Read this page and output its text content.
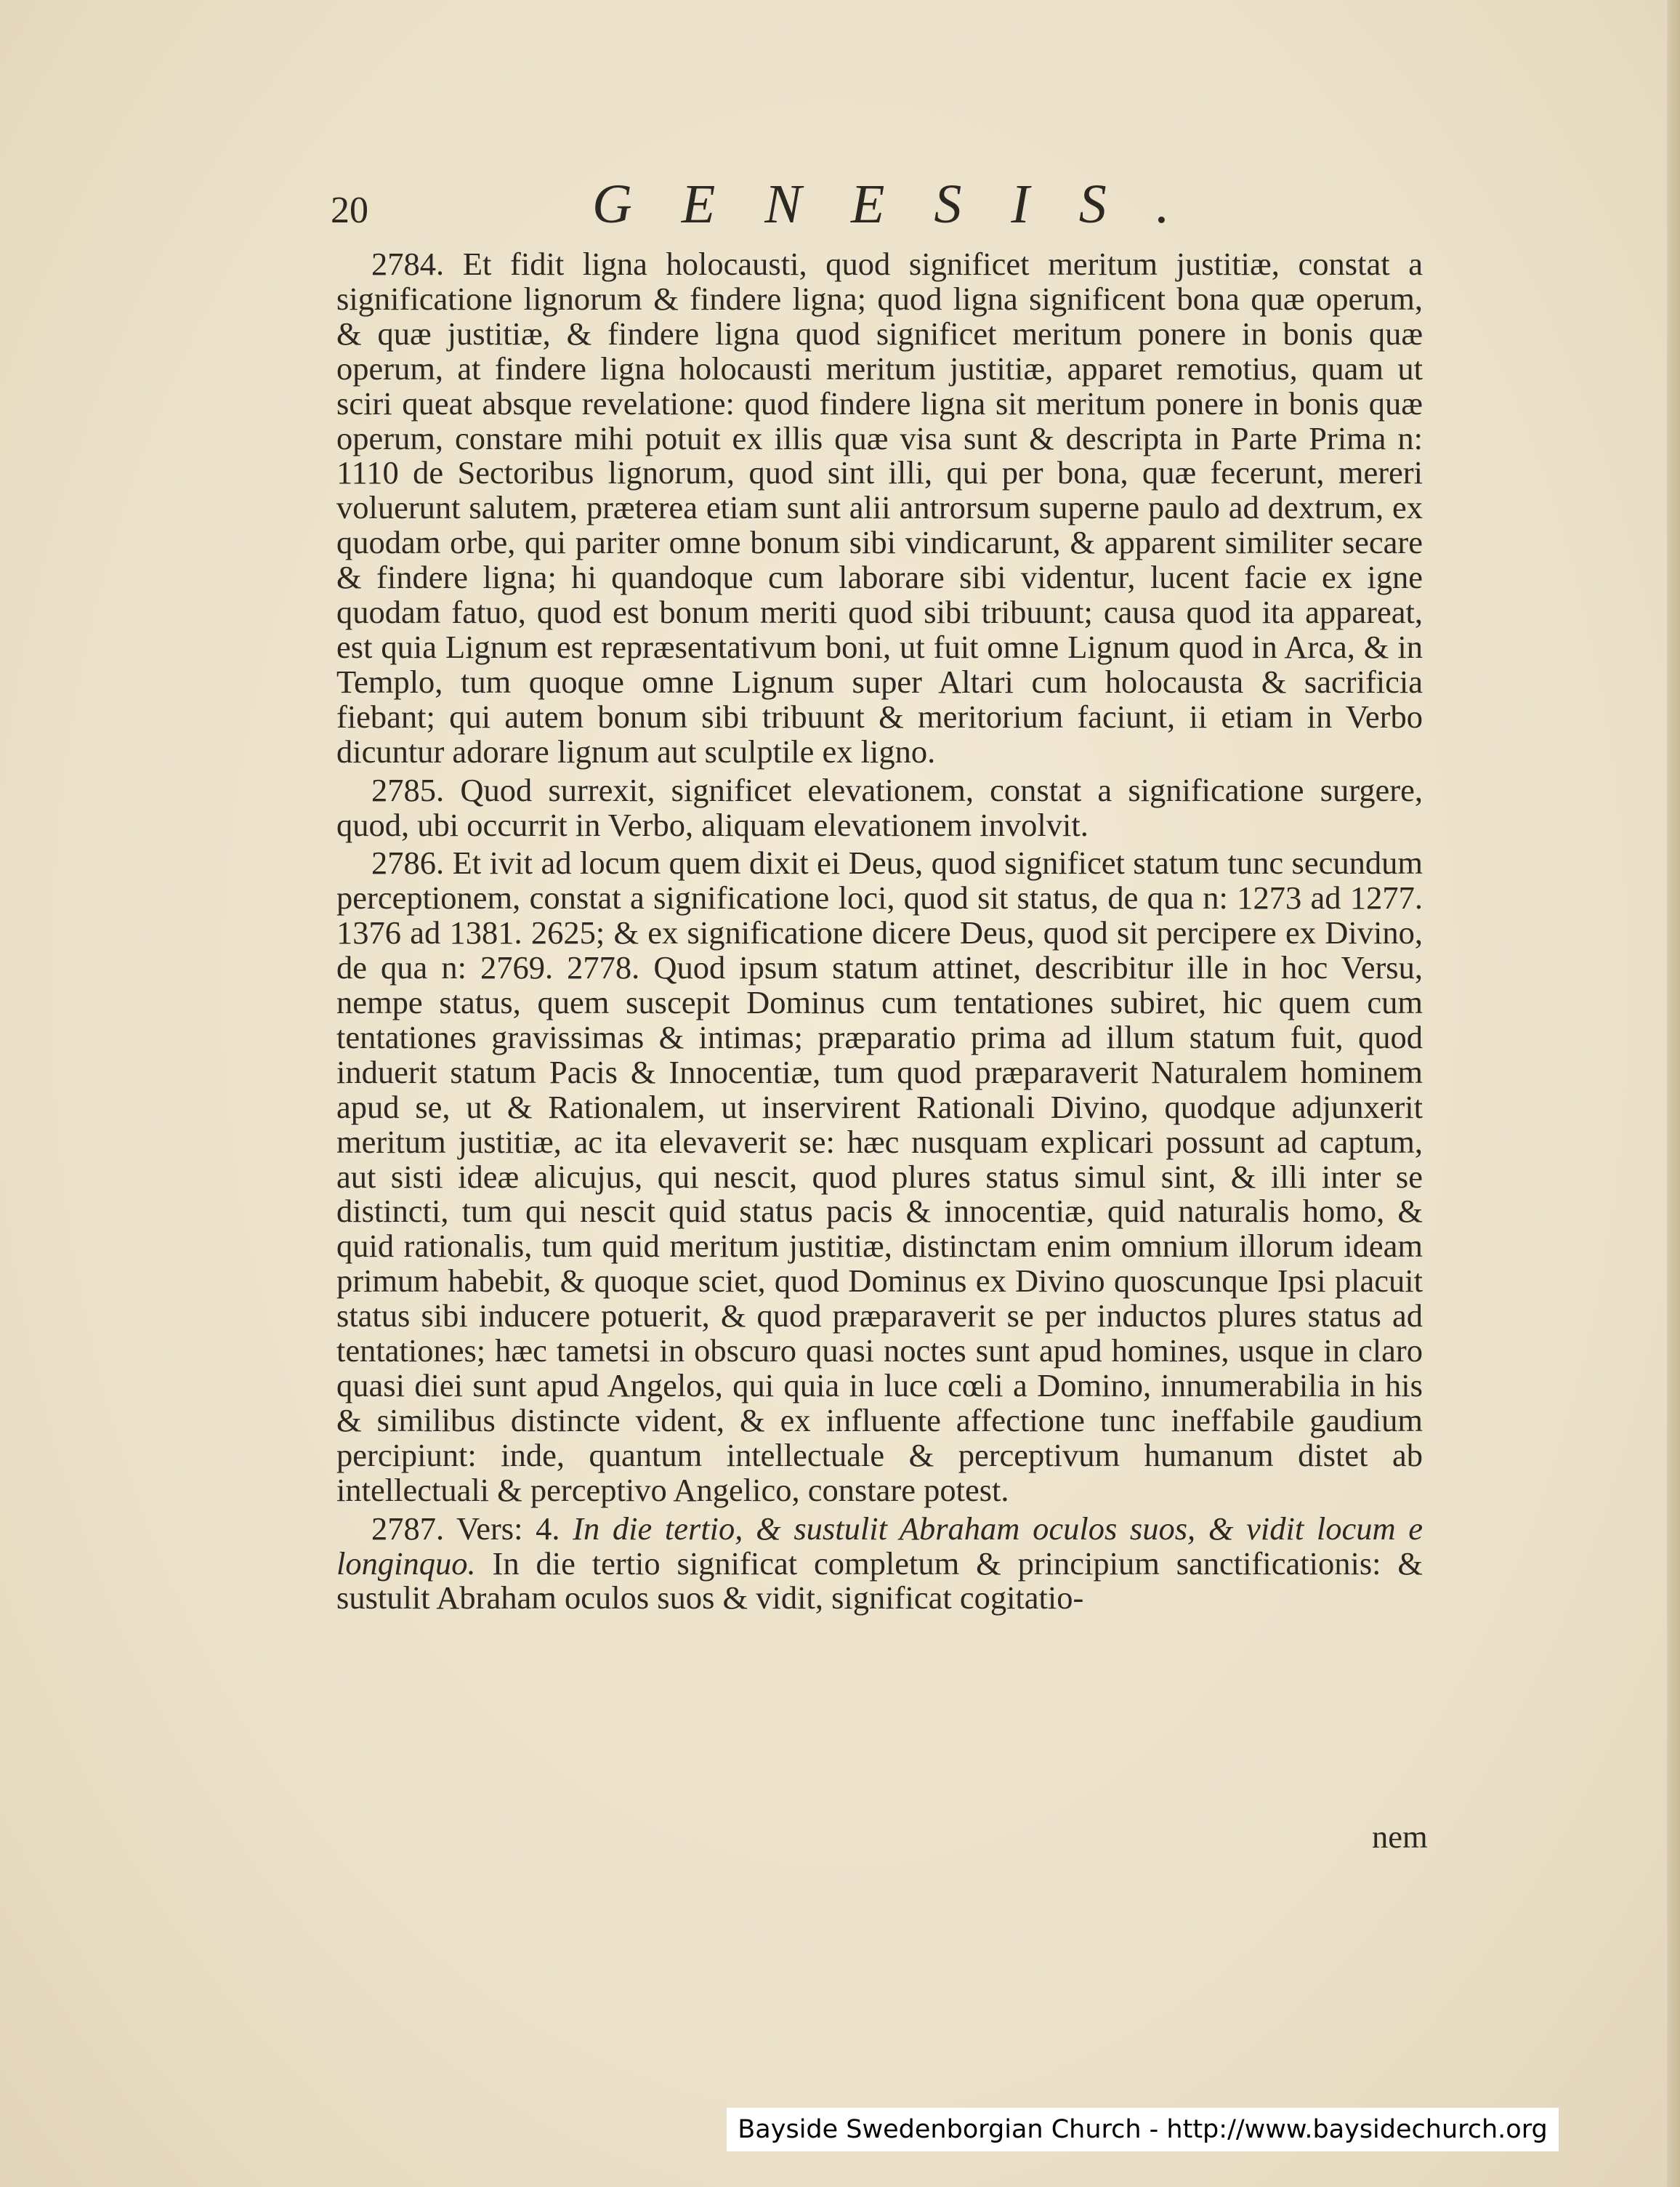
20	GENESIS.

2784. Et fidit ligna holocausti, quod significet meritum justitiæ, constat a significatione lignorum & findere ligna; quod ligna significent bona quæ operum, & quæ justitiæ, & findere ligna quod significet meritum ponere in bonis quæ operum, at findere ligna holocausti meritum justitiæ, apparet remotius, quam ut sciri queat absque revelatione: quod findere ligna sit meritum ponere in bonis quæ operum, constare mihi potuit ex illis quæ visa sunt & descripta in Parte Prima n: 1110 de Sectoribus lignorum, quod sint illi, qui per bona, quæ fecerunt, mereri voluerunt salutem, præterea etiam sunt alii antrorsum superne paulo ad dextrum, ex quodam orbe, qui pariter omne bonum sibi vindicarunt, & apparent similiter secare & findere ligna; hi quandoque cum laborare sibi videntur, lucent facie ex igne quodam fatuo, quod est bonum meriti quod sibi tribuunt; causa quod ita appareat, est quia Lignum est repræsentativum boni, ut fuit omne Lignum quod in Arca, & in Templo, tum quoque omne Lignum super Altari cum holocausta & sacrificia fiebant; qui autem bonum sibi tribuunt & meritorium faciunt, ii etiam in Verbo dicuntur adorare lignum aut sculptile ex ligno.

2785. Quod surrexit, significet elevationem, constat a significatione surgere, quod, ubi occurrit in Verbo, aliquam elevationem involvit.

2786. Et ivit ad locum quem dixit ei Deus, quod significet statum tunc secundum perceptionem, constat a significatione loci, quod sit status, de qua n: 1273 ad 1277. 1376 ad 1381. 2625; & ex significatione dicere Deus, quod sit percipere ex Divino, de qua n: 2769. 2778. Quod ipsum statum attinet, describitur ille in hoc Versu, nempe status, quem suscepit Dominus cum tentationes subiret, hic quem cum tentationes gravissimas & intimas; præparatio prima ad illum statum fuit, quod induerit statum Pacis & Innocentiæ, tum quod præparaverit Naturalem hominem apud se, ut & Rationalem, ut inservirent Rationali Divino, quodque adjunxerit meritum justitiæ, ac ita elevaverit se: hæc nusquam explicari possunt ad captum, aut sisti ideæ alicujus, qui nescit, quod plures status simul sint, & illi inter se distincti, tum qui nescit quid status pacis & innocentiæ, quid naturalis homo, & quid rationalis, tum quid meritum justitiæ, distinctam enim omnium illorum ideam primum habebit, & quoque sciet, quod Dominus ex Divino quoscunque Ipsi placuit status sibi inducere potuerit, & quod præparaverit se per inductos plures status ad tentationes; hæc tametsi in obscuro quasi noctes sunt apud homines, usque in claro quasi diei sunt apud Angelos, qui quia in luce cœli a Domino, innumerabilia in his & similibus distincte vident, & ex influente affectione tunc ineffabile gaudium percipiunt: inde, quantum intellectuale & perceptivum humanum distet ab intellectuali & perceptivo Angelico, constare potest.

2787. Vers: 4. In die tertio, & sustulit Abraham oculos suos, & vidit locum e longinquo. In die tertio significat completum & principium sanctificationis: & sustulit Abraham oculos suos & vidit, significat cogitatio-

nem
Bayside Swedenborgian Church - http://www.baysidechurch.org
